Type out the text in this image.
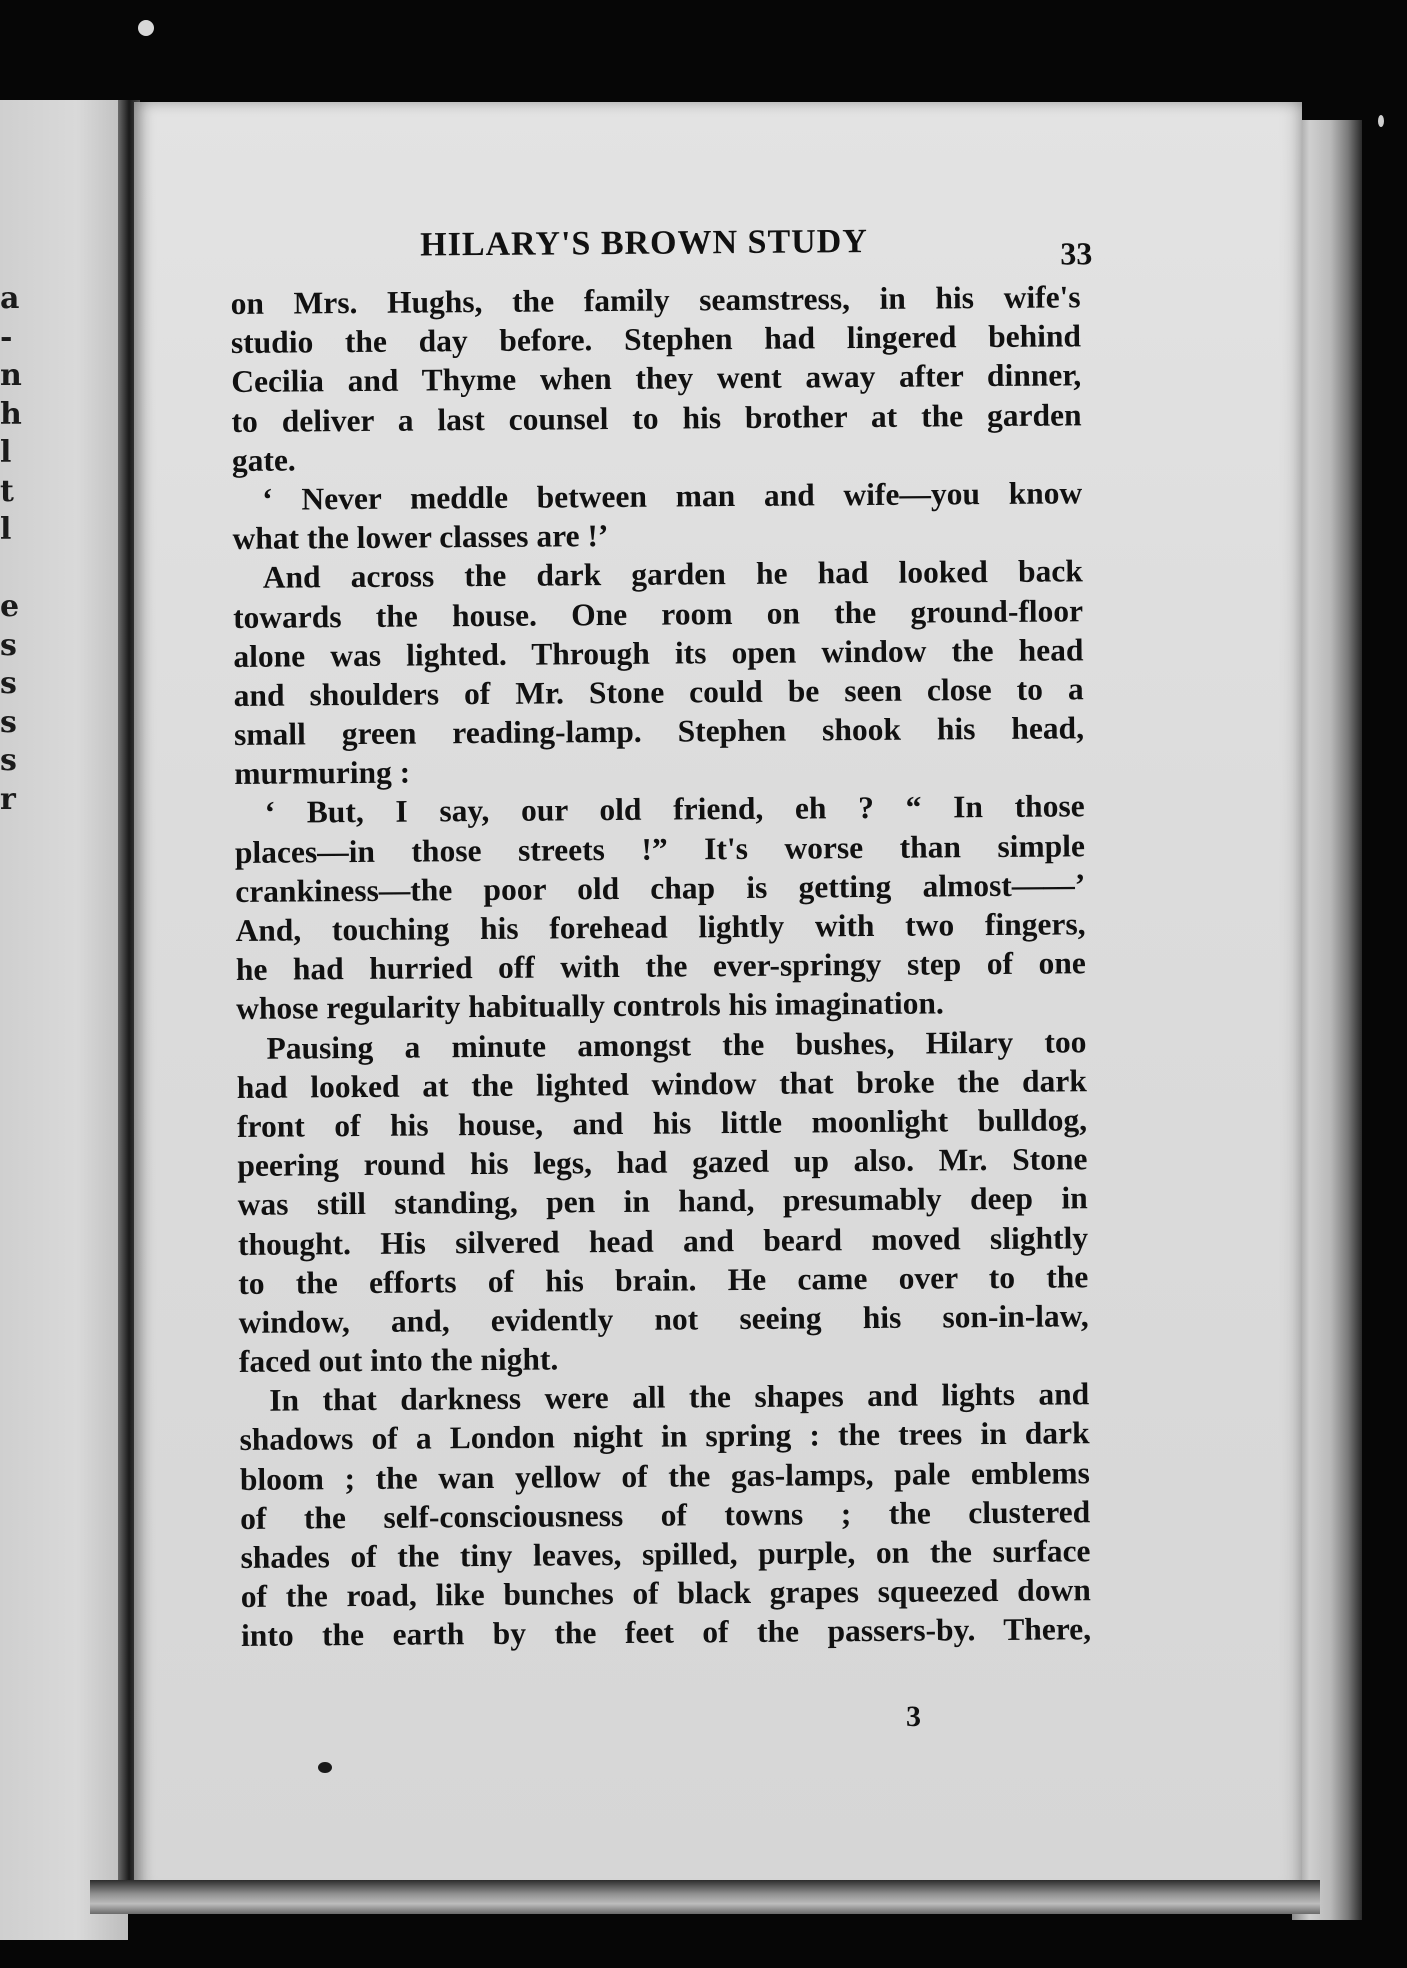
a
-
n
h
l
t
l
e
s
s
s
s
r
HILARY'S BROWN STUDY	33
on Mrs. Hughs, the family seamstress, in his wife's
studio the day before. Stephen had lingered behind
Cecilia and Thyme when they went away after dinner,
to deliver a last counsel to his brother at the garden
gate.
‘ Never meddle between man and wife—you know
what the lower classes are !’
And across the dark garden he had looked back
towards the house. One room on the ground-floor
alone was lighted. Through its open window the head
and shoulders of Mr. Stone could be seen close to a
small green reading-lamp. Stephen shook his head,
murmuring :
‘ But, I say, our old friend, eh ? “ In those
places—in those streets !” It's worse than simple
crankiness—the poor old chap is getting almost——’
And, touching his forehead lightly with two fingers,
he had hurried off with the ever-springy step of one
whose regularity habitually controls his imagination.
Pausing a minute amongst the bushes, Hilary too
had looked at the lighted window that broke the dark
front of his house, and his little moonlight bulldog,
peering round his legs, had gazed up also. Mr. Stone
was still standing, pen in hand, presumably deep in
thought. His silvered head and beard moved slightly
to the efforts of his brain. He came over to the
window, and, evidently not seeing his son-in-law,
faced out into the night.
In that darkness were all the shapes and lights and
shadows of a London night in spring : the trees in dark
bloom ; the wan yellow of the gas-lamps, pale emblems
of the self-consciousness of towns ; the clustered
shades of the tiny leaves, spilled, purple, on the surface
of the road, like bunches of black grapes squeezed down
into the earth by the feet of the passers-by. There,
3
